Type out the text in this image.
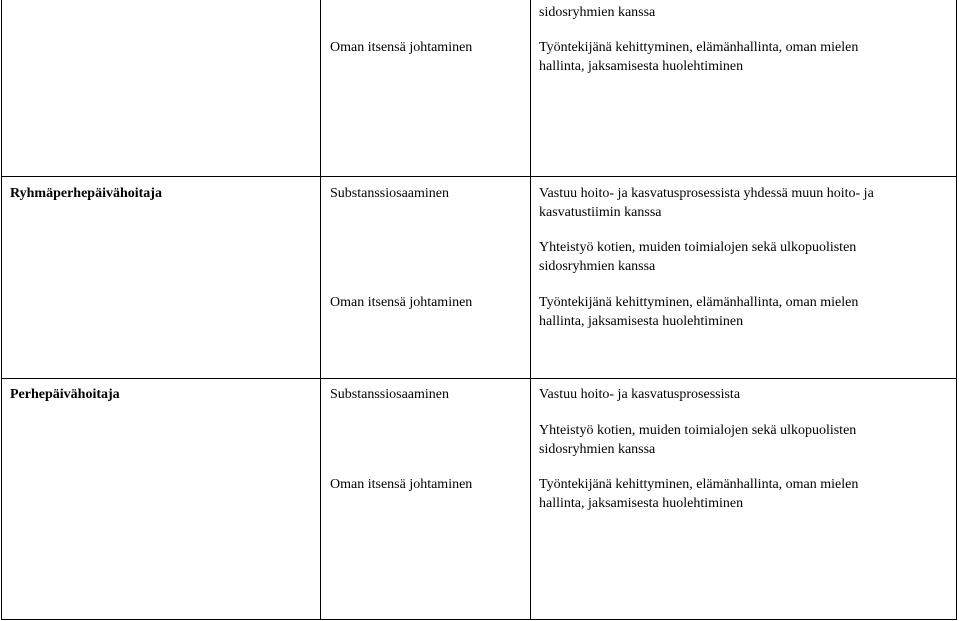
sidosryhmien kanssa
Oman itsensä johtaminen	Työntekijänä kehittyminen, elämänhallinta, oman mielen
hallinta, jaksamisesta huolehtiminen
Ryhmäperhepäivähoitaja	Substanssiosaaminen	Vastuu hoito- ja kasvatusprosessista yhdessä muun hoito- ja
kasvatustiimin kanssa
Yhteistyö kotien, muiden toimialojen sekä ulkopuolisten
sidosryhmien kanssa
Oman itsensä johtaminen	Työntekijänä kehittyminen, elämänhallinta, oman mielen
hallinta, jaksamisesta huolehtiminen
Perhepäivähoitaja	Substanssiosaaminen	Vastuu hoito- ja kasvatusprosessista
Yhteistyö kotien, muiden toimialojen sekä ulkopuolisten
sidosryhmien kanssa
Oman itsensä johtaminen	Työntekijänä kehittyminen, elämänhallinta, oman mielen
hallinta, jaksamisesta huolehtiminen
